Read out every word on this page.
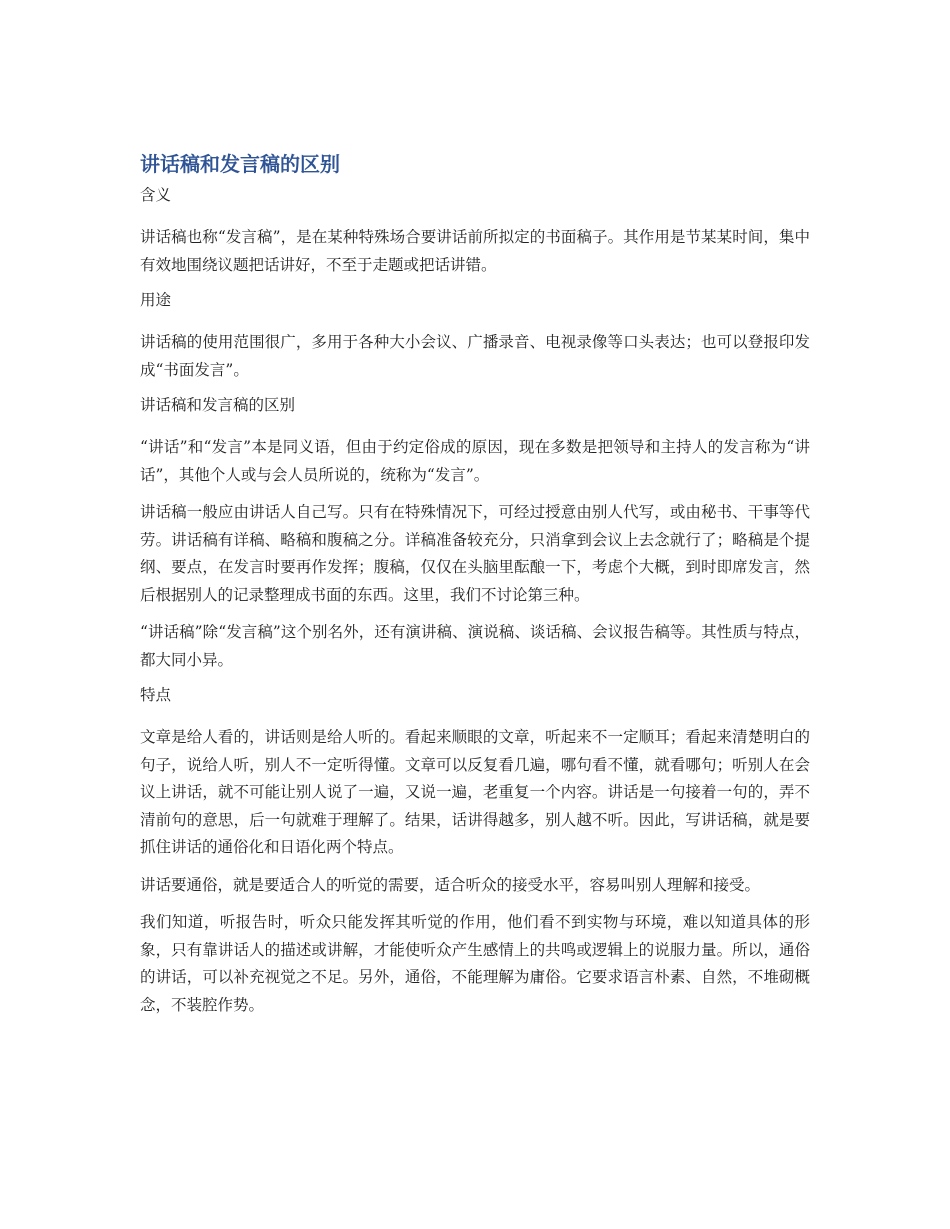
讲话稿和发言稿的区别
含义
讲话稿也称“发言稿”，是在某种特殊场合要讲话前所拟定的书面稿子。其作用是节某某时间，集中有效地围绕议题把话讲好，不至于走题或把话讲错。
用途
讲话稿的使用范围很广，多用于各种大小会议、广播录音、电视录像等口头表达；也可以登报印发成“书面发言”。
讲话稿和发言稿的区别
“讲话”和“发言”本是同义语，但由于约定俗成的原因，现在多数是把领导和主持人的发言称为“讲话”，其他个人或与会人员所说的，统称为“发言”。
讲话稿一般应由讲话人自己写。只有在特殊情况下，可经过授意由别人代写，或由秘书、干事等代劳。讲话稿有详稿、略稿和腹稿之分。详稿准备较充分，只消拿到会议上去念就行了；略稿是个提纲、要点，在发言时要再作发挥；腹稿，仅仅在头脑里酝酿一下，考虑个大概，到时即席发言，然后根据别人的记录整理成书面的东西。这里，我们不讨论第三种。
“讲话稿”除“发言稿”这个别名外，还有演讲稿、演说稿、谈话稿、会议报告稿等。其性质与特点，都大同小异。
特点
文章是给人看的，讲话则是给人听的。看起来顺眼的文章，听起来不一定顺耳；看起来清楚明白的句子，说给人听，别人不一定听得懂。文章可以反复看几遍，哪句看不懂，就看哪句；听别人在会议上讲话，就不可能让别人说了一遍，又说一遍，老重复一个内容。讲话是一句接着一句的，弄不清前句的意思，后一句就难于理解了。结果，话讲得越多，别人越不听。因此，写讲话稿，就是要抓住讲话的通俗化和日语化两个特点。
讲话要通俗，就是要适合人的听觉的需要，适合听众的接受水平，容易叫别人理解和接受。
我们知道，听报告时，听众只能发挥其听觉的作用，他们看不到实物与环境，难以知道具体的形象，只有靠讲话人的描述或讲解，才能使听众产生感情上的共鸣或逻辑上的说服力量。所以，通俗的讲话，可以补充视觉之不足。另外，通俗，不能理解为庸俗。它要求语言朴素、自然，不堆砌概念，不装腔作势。
